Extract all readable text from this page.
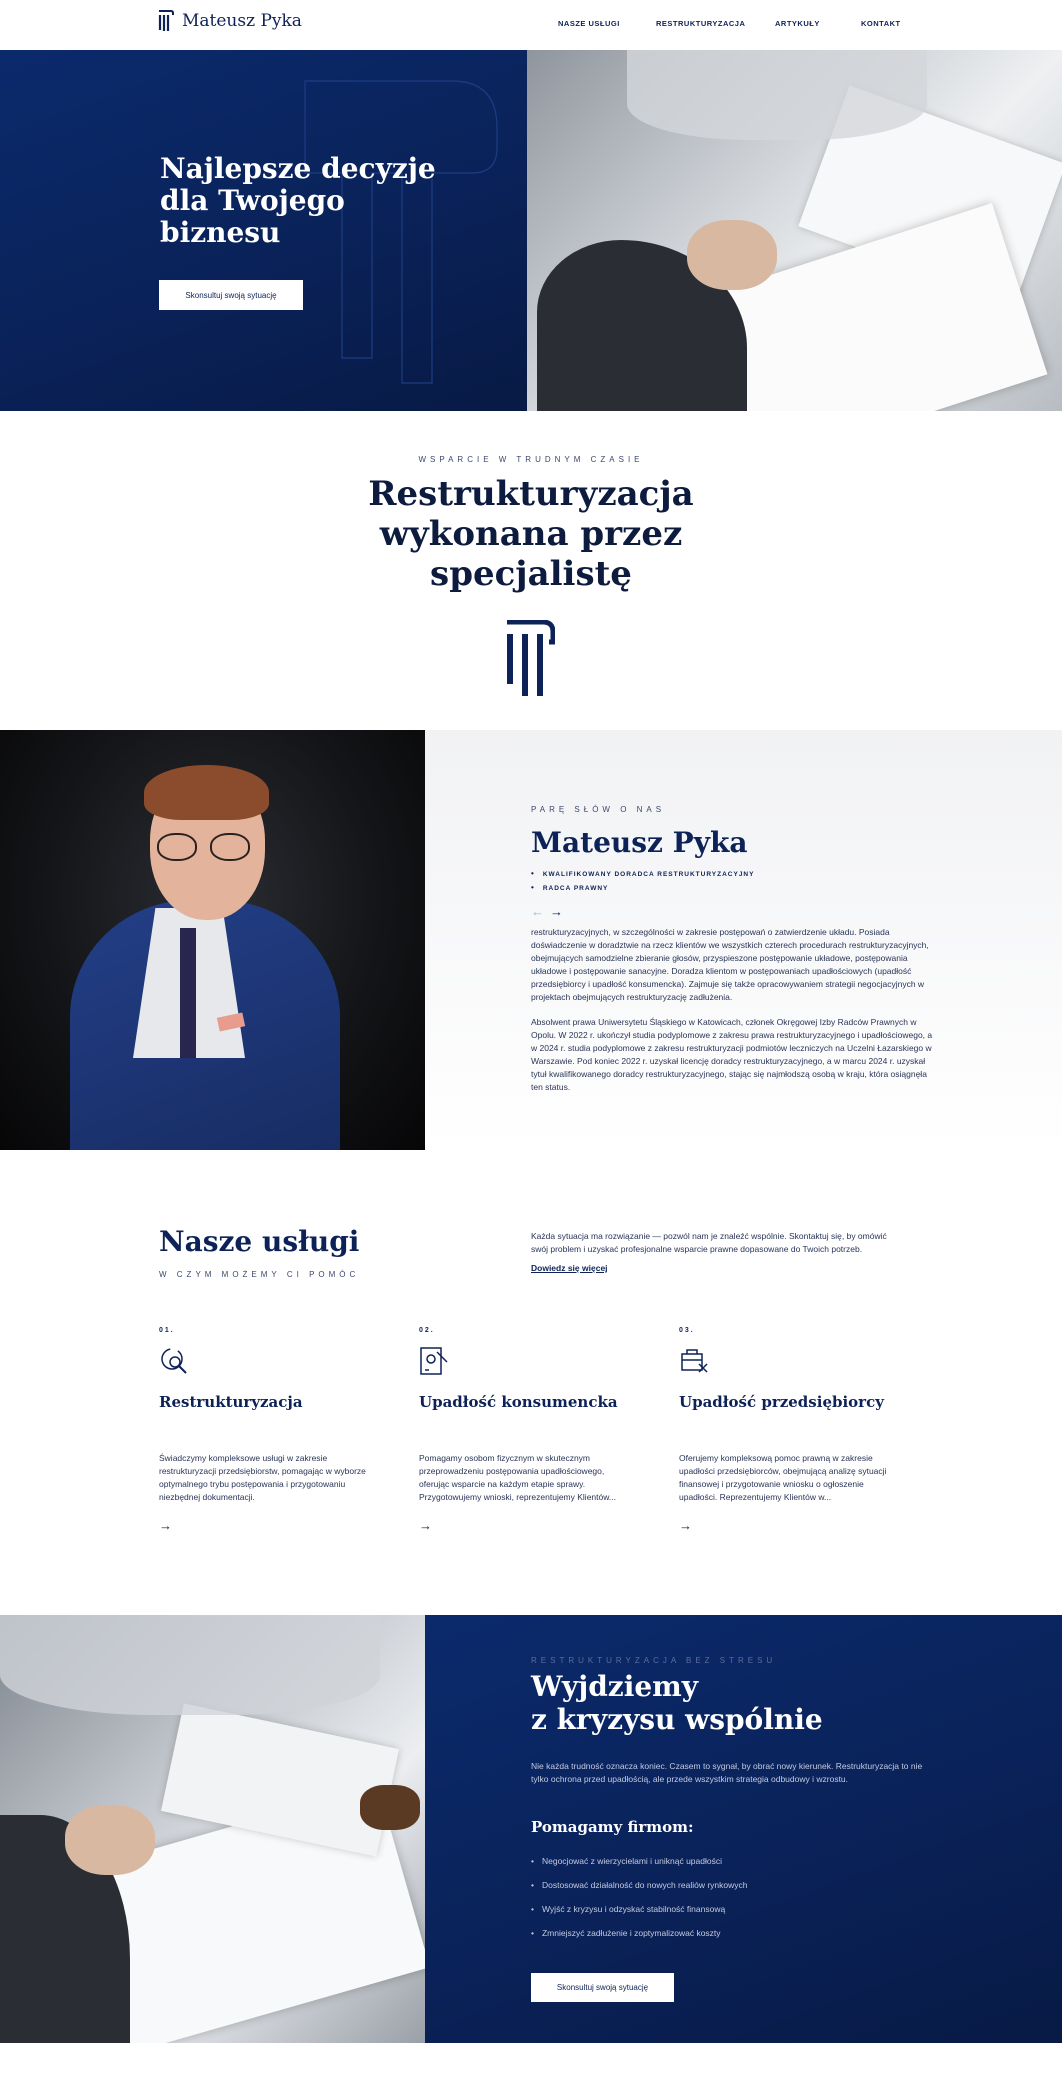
Mateusz Pyka	NASZE USŁUGI	RESTRUKTURYZACJA	ARTYKUŁY	KONTAKT
Najlepsze decyzje
dla Twojego
biznesu
Skonsultuj swoją sytuację
WSPARCIE W TRUDNYM CZASIE
Restrukturyzacja
wykonana przez
specjalistę
PARĘ SŁÓW O NAS
Mateusz Pyka
• KWALIFIKOWANY DORADCA RESTRUKTURYZACYJNY
• RADCA PRAWNY
← →

restrukturyzacyjnych, w szczególności w zakresie postępowań o zatwierdzenie układu. Posiada doświadczenie w doradztwie na rzecz klientów we wszystkich czterech procedurach restrukturyzacyjnych, obejmujących samodzielne zbieranie głosów, przyspieszone postępowanie układowe, postępowania układowe i postępowanie sanacyjne. Doradza klientom w postępowaniach upadłościowych (upadłość przedsiębiorcy i upadłość konsumencka). Zajmuje się także opracowywaniem strategii negocjacyjnych w projektach obejmujących restrukturyzację zadłużenia.

Absolwent prawa Uniwersytetu Śląskiego w Katowicach, członek Okręgowej Izby Radców Prawnych w Opolu. W 2022 r. ukończył studia podyplomowe z zakresu prawa restrukturyzacyjnego i upadłościowego, a w 2024 r. studia podyplomowe z zakresu restrukturyzacji podmiotów leczniczych na Uczelni Łazarskiego w Warszawie. Pod koniec 2022 r. uzyskał licencję doradcy restrukturyzacyjnego, a w marcu 2024 r. uzyskał tytuł kwalifikowanego doradcy restrukturyzacyjnego, stając się najmłodszą osobą w kraju, która osiągnęła ten status.

Nasze usługi
W CZYM MOŻEMY CI POMÓC

Każda sytuacja ma rozwiązanie — pozwól nam je znaleźć wspólnie. Skontaktuj się, by omówić swój problem i uzyskać profesjonalne wsparcie prawne dopasowane do Twoich potrzeb.

Dowiedz się więcej
01.
Restrukturyzacja

Świadczymy kompleksowe usługi w zakresie restrukturyzacji przedsiębiorstw, pomagając w wyborze optymalnego trybu postępowania i przygotowaniu niezbędnej dokumentacji.

→
02.
Upadłość konsumencka

Pomagamy osobom fizycznym w skutecznym przeprowadzeniu postępowania upadłościowego, oferując wsparcie na każdym etapie sprawy. Przygotowujemy wnioski, reprezentujemy Klientów...

→
03.
Upadłość przedsiębiorcy

Oferujemy kompleksową pomoc prawną w zakresie upadłości przedsiębiorców, obejmującą analizę sytuacji finansowej i przygotowanie wniosku o ogłoszenie upadłości. Reprezentujemy Klientów w...

→
RESTRUKTURYZACJA BEZ STRESU
Wyjdziemy
z kryzysu wspólnie

Nie każda trudność oznacza koniec. Czasem to sygnał, by obrać nowy kierunek. Restrukturyzacja to nie tylko ochrona przed upadłością, ale przede wszystkim strategia odbudowy i wzrostu.

Pomagamy firmom:
• Negocjować z wierzycielami i uniknąć upadłości
• Dostosować działalność do nowych realiów rynkowych
• Wyjść z kryzysu i odzyskać stabilność finansową
• Zmniejszyć zadłużenie i zoptymalizować koszty
Skonsultuj swoją sytuację
